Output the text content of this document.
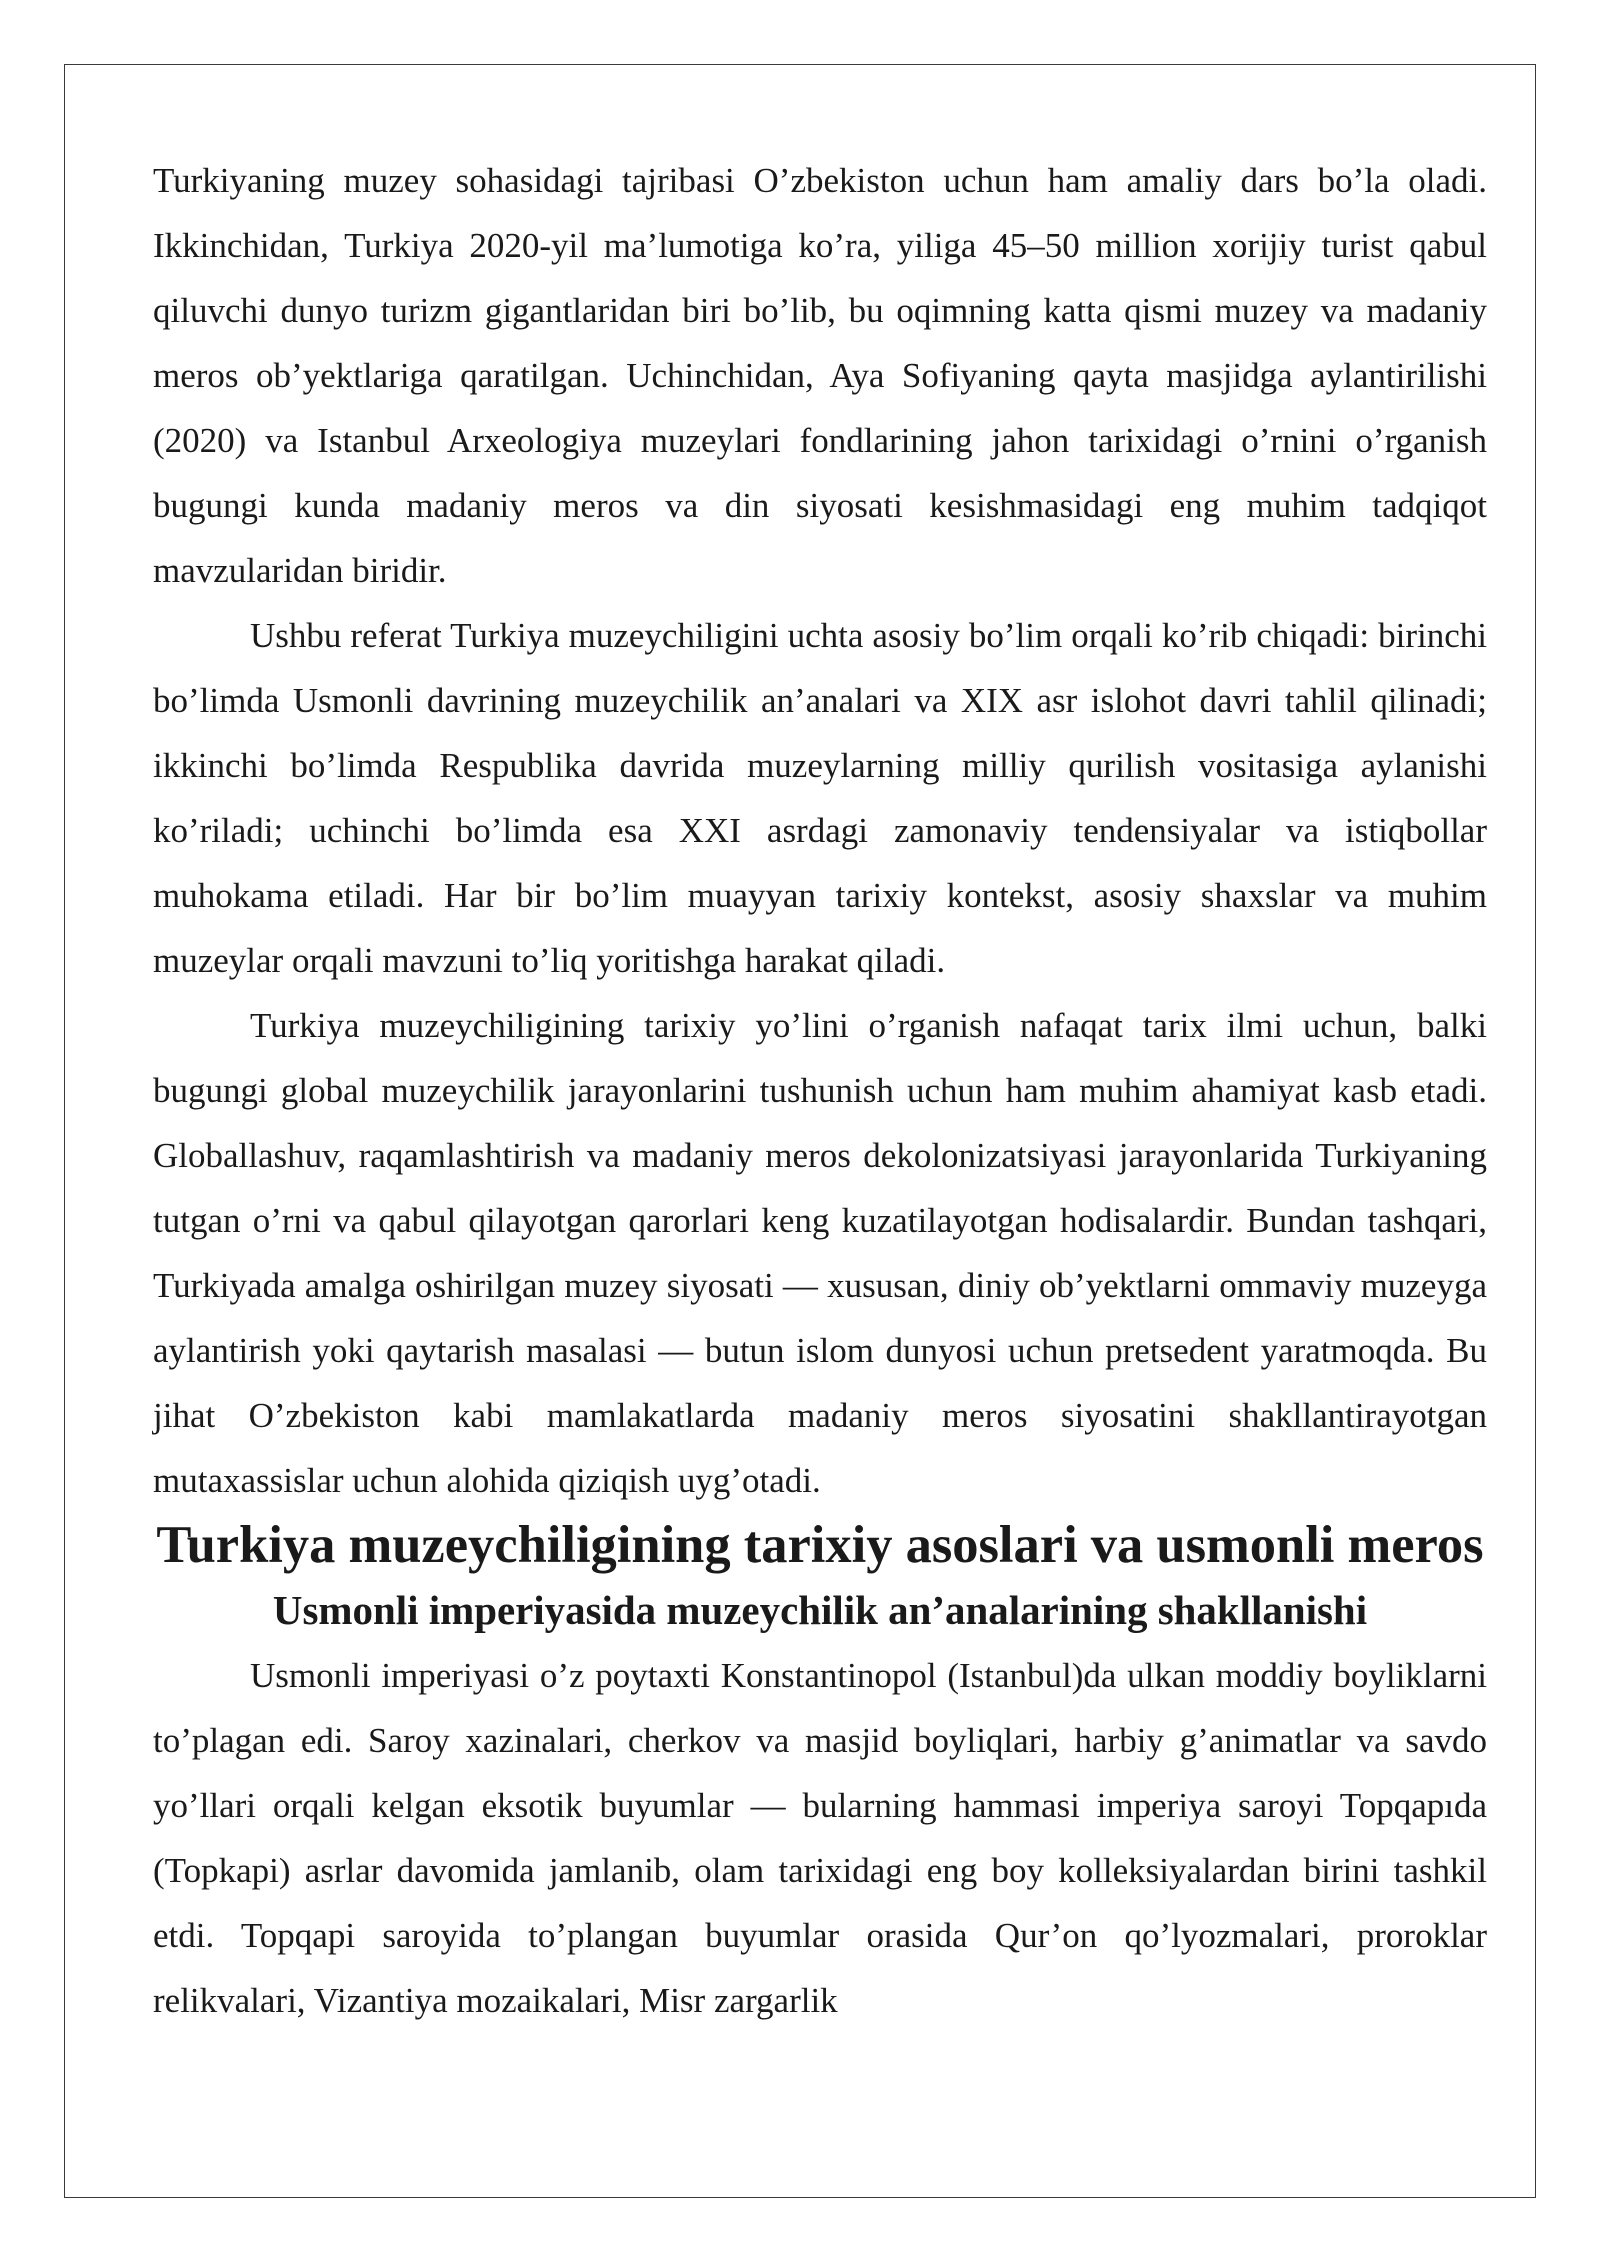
Turkiyaning muzey sohasidagi tajribasi O’zbekiston uchun ham amaliy dars bo’la oladi. Ikkinchidan, Turkiya 2020-yil ma’lumotiga ko’ra, yiliga 45–50 million xorijiy turist qabul qiluvchi dunyo turizm gigantlaridan biri bo’lib, bu oqimning katta qismi muzey va madaniy meros ob’yektlariga qaratilgan. Uchinchidan, Aya Sofiyaning qayta masjidga aylantirilishi (2020) va Istanbul Arxeologiya muzeylari fondlarining jahon tarixidagi o’rnini o’rganish bugungi kunda madaniy meros va din siyosati kesishmasidagi eng muhim tadqiqot mavzularidan biridir.

Ushbu referat Turkiya muzeychiligini uchta asosiy bo’lim orqali ko’rib chiqadi: birinchi bo’limda Usmonli davrining muzeychilik an’analari va XIX asr islohot davri tahlil qilinadi; ikkinchi bo’limda Respublika davrida muzeylarning milliy qurilish vositasiga aylanishi ko’riladi; uchinchi bo’limda esa XXI asrdagi zamonaviy tendensiyalar va istiqbollar muhokama etiladi. Har bir bo’lim muayyan tarixiy kontekst, asosiy shaxslar va muhim muzeylar orqali mavzuni to’liq yoritishga harakat qiladi.

Turkiya muzeychiligining tarixiy yo’lini o’rganish nafaqat tarix ilmi uchun, balki bugungi global muzeychilik jarayonlarini tushunish uchun ham muhim ahamiyat kasb etadi. Globallashuv, raqamlashtirish va madaniy meros dekolonizatsiyasi jarayonlarida Turkiyaning tutgan o’rni va qabul qilayotgan qarorlari keng kuzatilayotgan hodisalardir. Bundan tashqari, Turkiyada amalga oshirilgan muzey siyosati — xususan, diniy ob’yektlarni ommaviy muzeyga aylantirish yoki qaytarish masalasi — butun islom dunyosi uchun pretsedent yaratmoqda. Bu jihat O’zbekiston kabi mamlakatlarda madaniy meros siyosatini shakllantirayotgan mutaxassislar uchun alohida qiziqish uyg’otadi.

Turkiya muzeychiligining tarixiy asoslari va usmonli meros
Usmonli imperiyasida muzeychilik an’analarining shakllanishi

Usmonli imperiyasi o’z poytaxti Konstantinopol (Istanbul)da ulkan moddiy boyliklarni to’plagan edi. Saroy xazinalari, cherkov va masjid boyliqlari, harbiy g’animatlar va savdo yo’llari orqali kelgan eksotik buyumlar — bularning hammasi imperiya saroyi Topqapıda (Topkapi) asrlar davomida jamlanib, olam tarixidagi eng boy kolleksiyalardan birini tashkil etdi. Topqapi saroyida to’plangan buyumlar orasida Qur’on qo’lyozmalari, proroklar relikvalari, Vizantiya mozaikalari, Misr zargarlik
